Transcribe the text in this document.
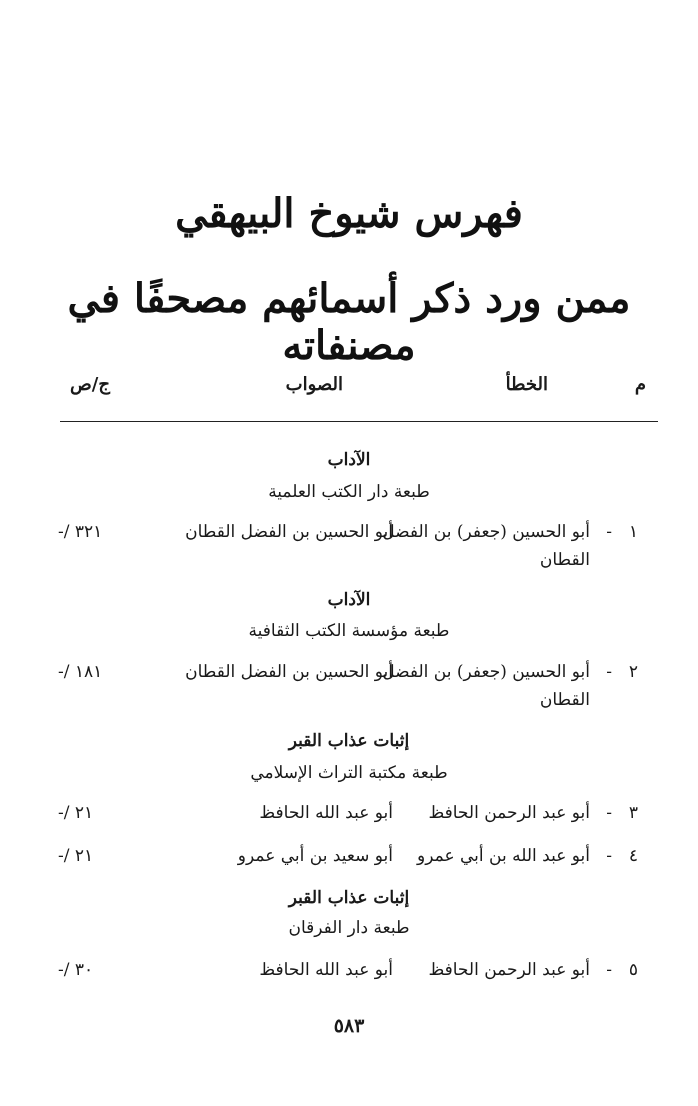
فهرس شيوخ البيهقي
ممن ورد ذكر أسمائهم مصحفًا في مصنفاته
م
الخطأ
الصواب
ج/ص
الآداب
طبعة دار الكتب العلمية
١
-
أبو الحسين (جعفر) بن الفضل
أبو الحسين بن الفضل القطان
-/ ٣٢١
القطان
الآداب
طبعة مؤسسة الكتب الثقافية
٢
-
أبو الحسين (جعفر) بن الفضل
أبو الحسين بن الفضل القطان
-/ ١٨١
القطان
إثبات عذاب القبر
طبعة مكتبة التراث الإسلامي
٣
-
أبو عبد الرحمن الحافظ
أبو عبد الله الحافظ
-/ ٢١
٤
-
أبو عبد الله بن أبي عمرو
أبو سعيد بن أبي عمرو
-/ ٢١
إثبات عذاب القبر
طبعة دار الفرقان
٥
-
أبو عبد الرحمن الحافظ
أبو عبد الله الحافظ
-/ ٣٠
٥٨٣
